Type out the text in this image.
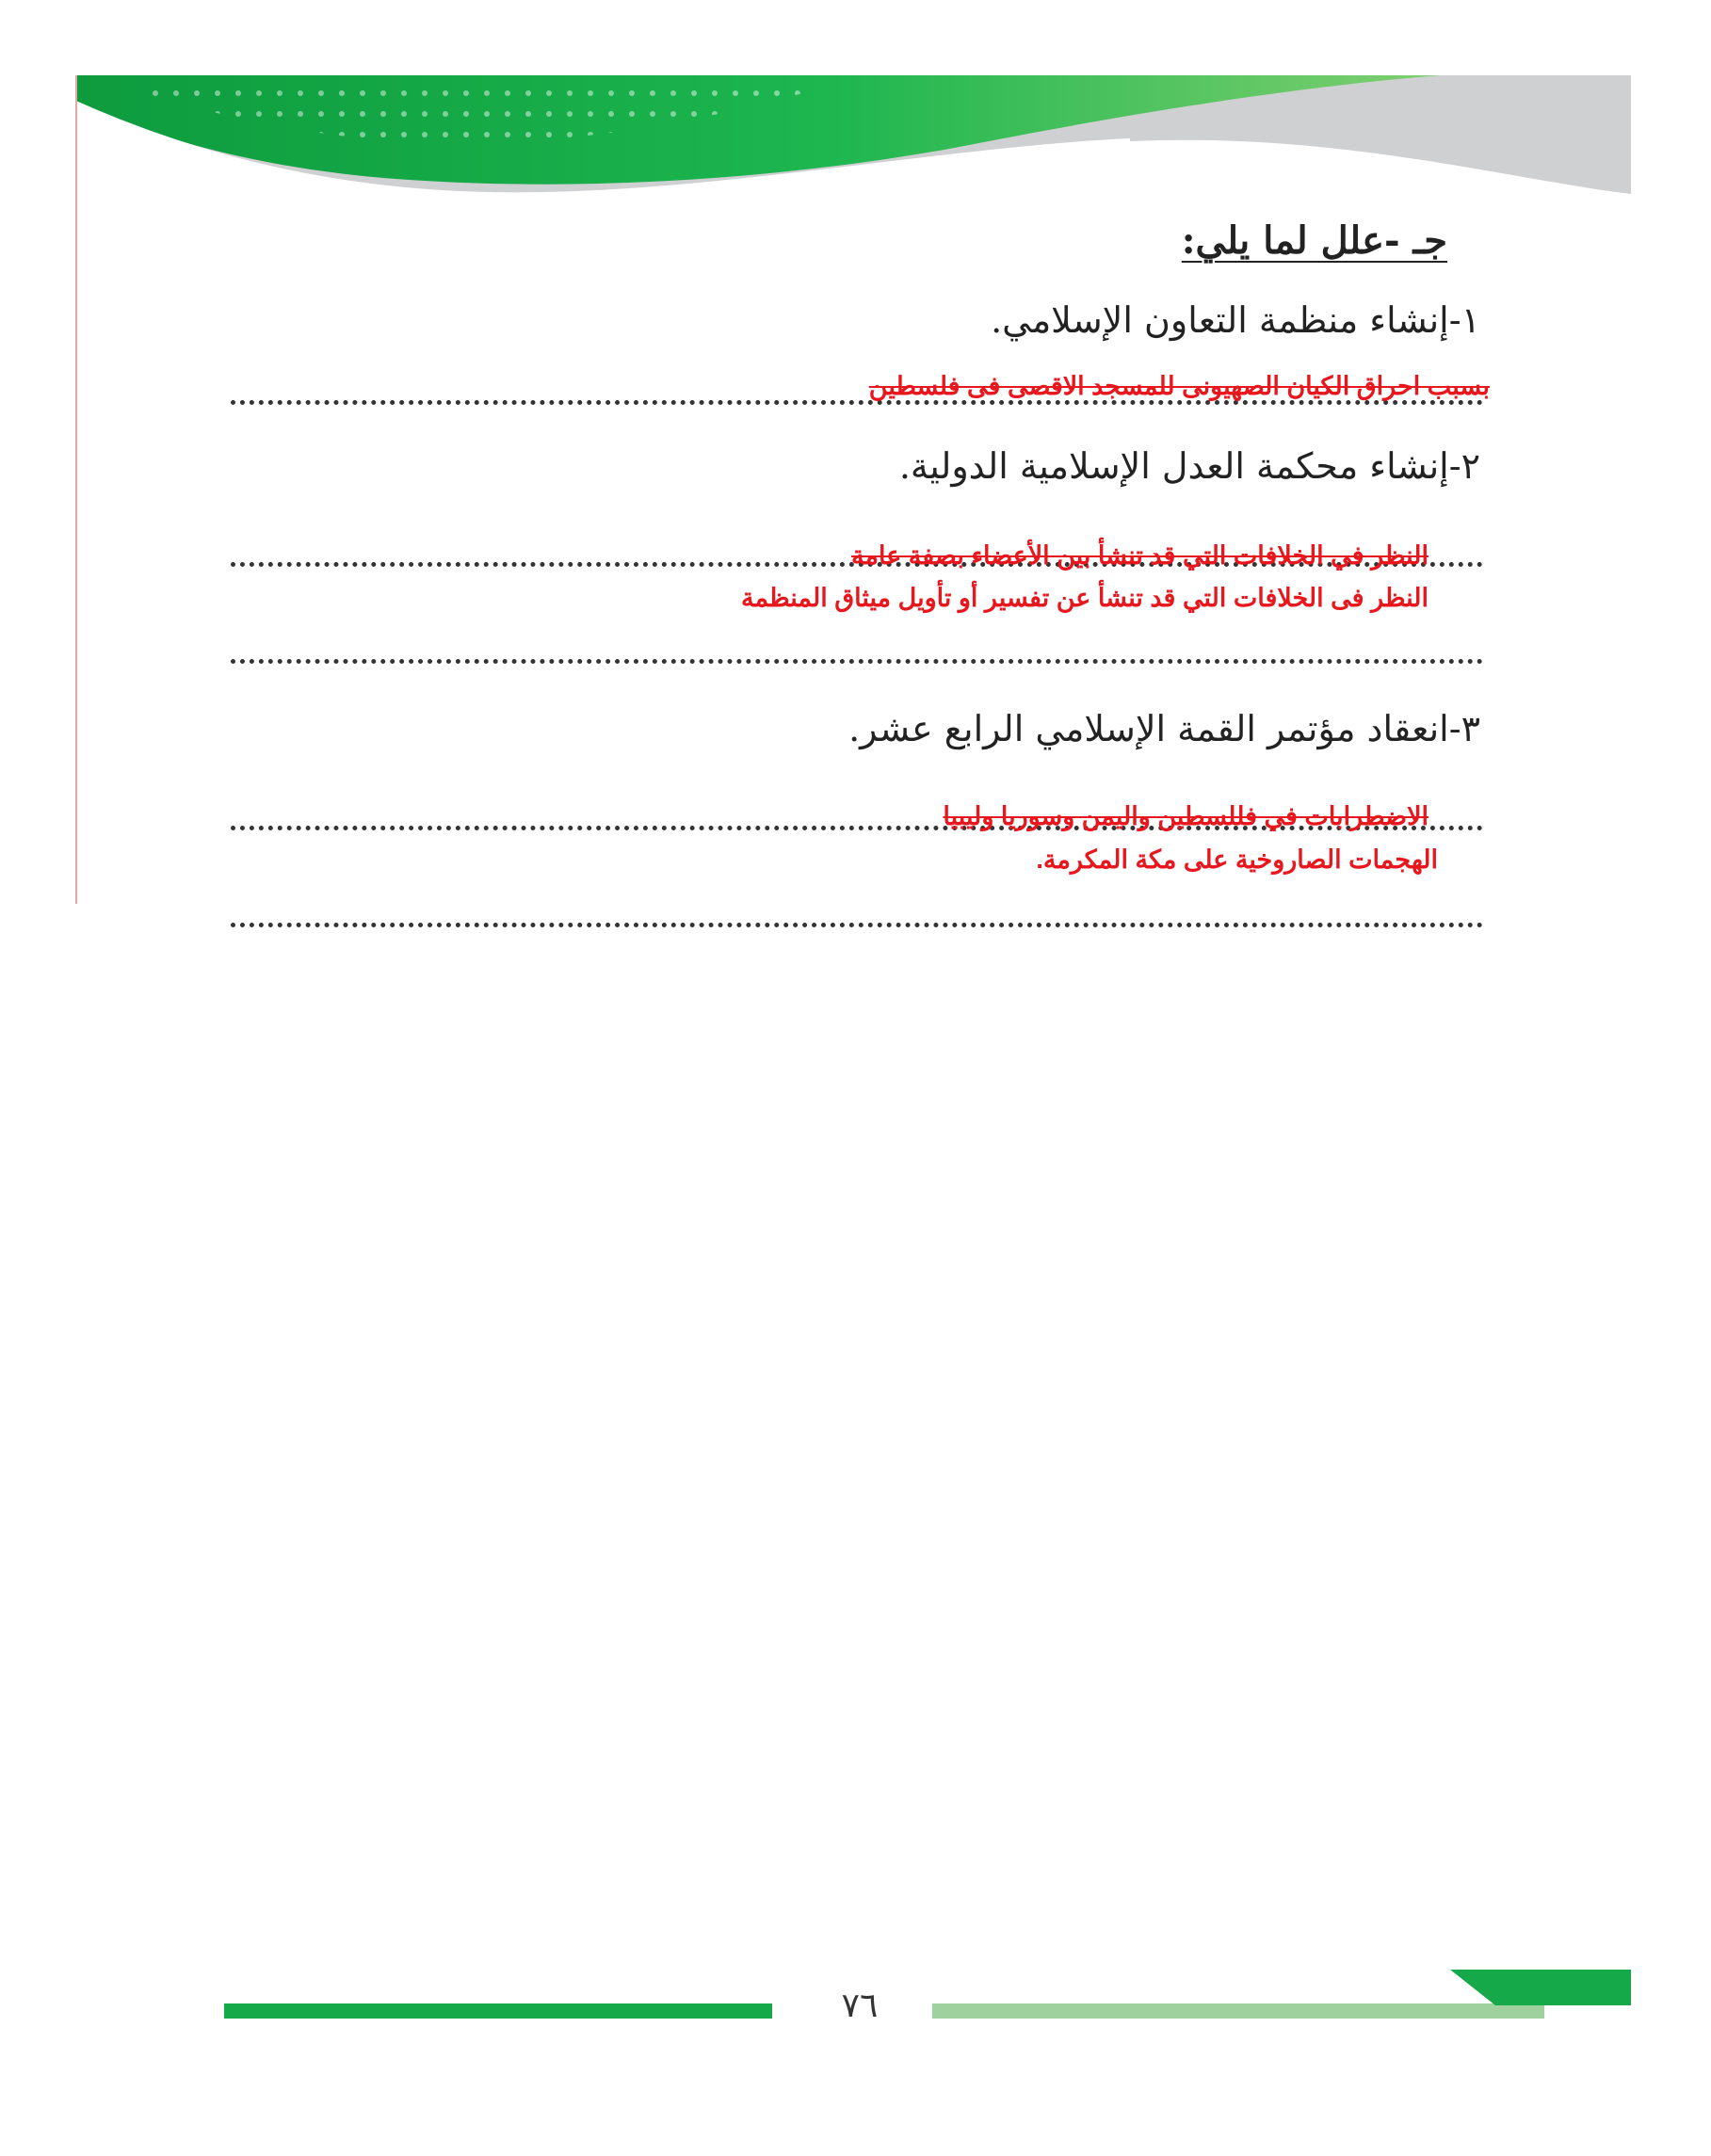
جـ -علل لما يلي:
١-إنشاء منظمة التعاون الإسلامي.
بسبب احراق الكيان الصهيونى للمسجد الاقصى فى فلسطين
٢-إنشاء محكمة العدل الإسلامية الدولية.
النظر في الخلافات التي قد تنشأ بين الأعضاء بصفة عامة
النظر فى الخلافات التي قد تنشأ عن تفسير أو تأويل ميثاق المنظمة
٣-انعقاد مؤتمر القمة الإسلامي الرابع عشر.
الاضطرابات في فللسطين واليمن وسوريا وليبيا
الهجمات الصاروخية على مكة المكرمة.
٧٦
